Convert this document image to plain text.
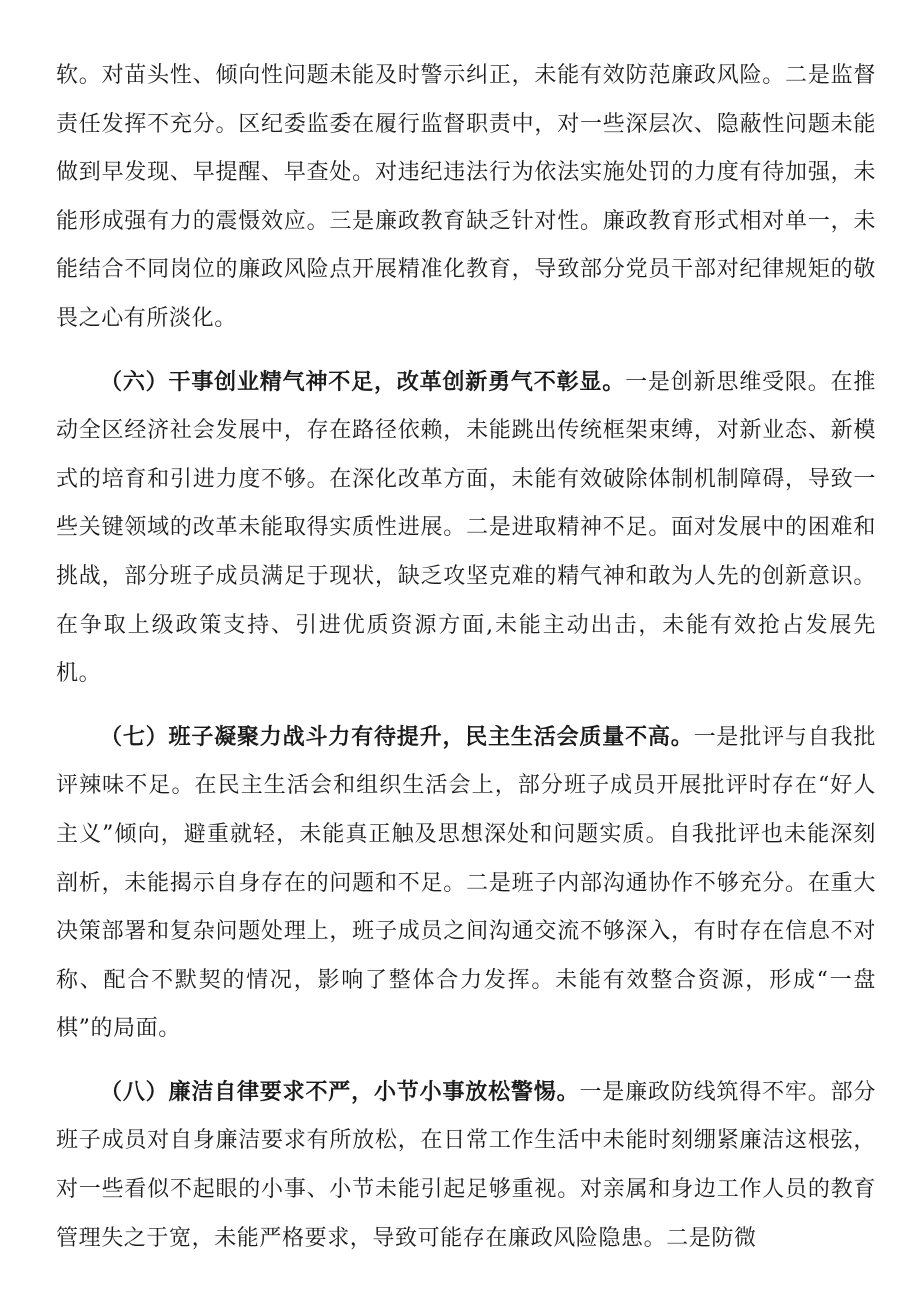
软。对苗头性、倾向性问题未能及时警示纠正，未能有效防范廉政风险。二是监督责任发挥不充分。区纪委监委在履行监督职责中，对一些深层次、隐蔽性问题未能做到早发现、早提醒、早查处。对违纪违法行为依法实施处罚的力度有待加强，未能形成强有力的震慑效应。三是廉政教育缺乏针对性。廉政教育形式相对单一，未能结合不同岗位的廉政风险点开展精准化教育，导致部分党员干部对纪律规矩的敬畏之心有所淡化。

（六）干事创业精气神不足，改革创新勇气不彰显。一是创新思维受限。在推动全区经济社会发展中，存在路径依赖，未能跳出传统框架束缚，对新业态、新模式的培育和引进力度不够。在深化改革方面，未能有效破除体制机制障碍，导致一些关键领域的改革未能取得实质性进展。二是进取精神不足。面对发展中的困难和挑战，部分班子成员满足于现状，缺乏攻坚克难的精气神和敢为人先的创新意识。在争取上级政策支持、引进优质资源方面,未能主动出击，未能有效抢占发展先机。

（七）班子凝聚力战斗力有待提升，民主生活会质量不高。一是批评与自我批评辣味不足。在民主生活会和组织生活会上，部分班子成员开展批评时存在“好人主义”倾向，避重就轻，未能真正触及思想深处和问题实质。自我批评也未能深刻剖析，未能揭示自身存在的问题和不足。二是班子内部沟通协作不够充分。在重大决策部署和复杂问题处理上，班子成员之间沟通交流不够深入，有时存在信息不对称、配合不默契的情况，影响了整体合力发挥。未能有效整合资源，形成“一盘棋”的局面。

（八）廉洁自律要求不严，小节小事放松警惕。一是廉政防线筑得不牢。部分班子成员对自身廉洁要求有所放松，在日常工作生活中未能时刻绷紧廉洁这根弦，对一些看似不起眼的小事、小节未能引起足够重视。对亲属和身边工作人员的教育管理失之于宽，未能严格要求，导致可能存在廉政风险隐患。二是防微
